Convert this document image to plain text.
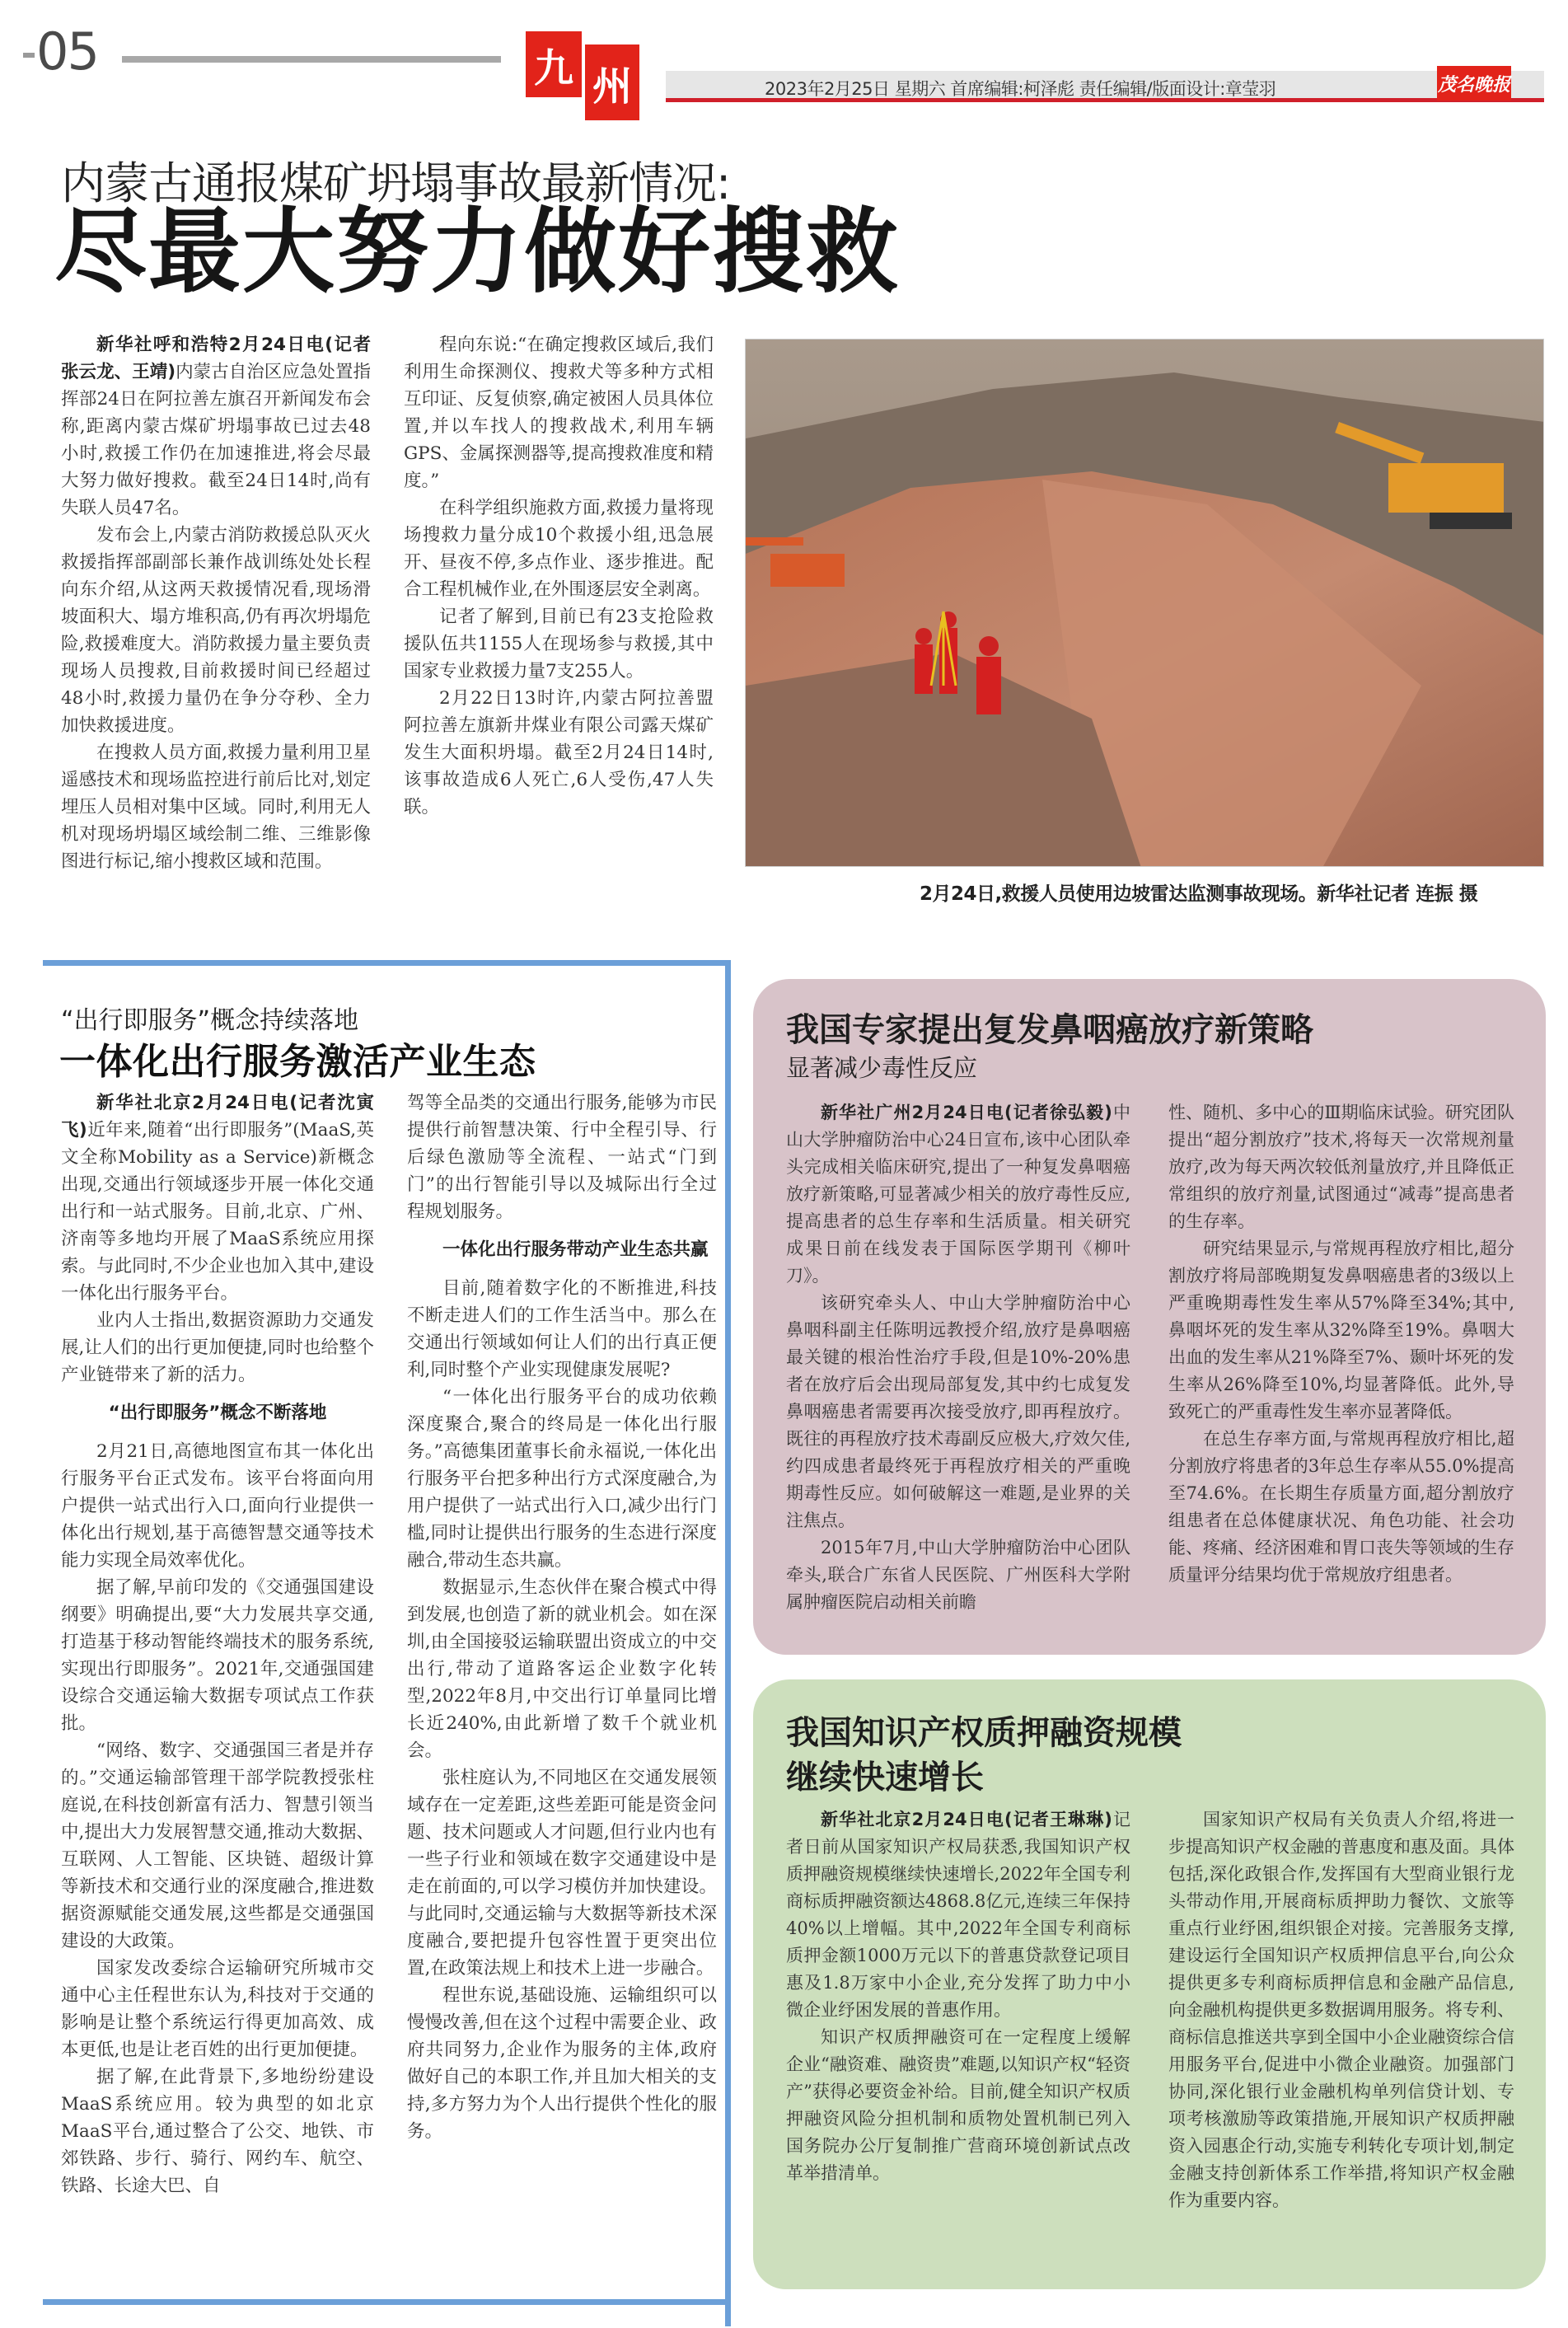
05	九 州	2023年2月25日 星期六 首席编辑:柯泽彪 责任编辑/版面设计:章莹羽	茂名晚报
内蒙古通报煤矿坍塌事故最新情况:
尽最大努力做好搜救

新华社呼和浩特2月24日电(记者张云龙、王靖)内蒙古自治区应急处置指挥部24日在阿拉善左旗召开新闻发布会称,距离内蒙古煤矿坍塌事故已过去48小时,救援工作仍在加速推进,将会尽最大努力做好搜救。截至24日14时,尚有失联人员47名。

发布会上,内蒙古消防救援总队灭火救援指挥部副部长兼作战训练处处长程向东介绍,从这两天救援情况看,现场滑坡面积大、塌方堆积高,仍有再次坍塌危险,救援难度大。消防救援力量主要负责现场人员搜救,目前救援时间已经超过48小时,救援力量仍在争分夺秒、全力加快救援进度。

在搜救人员方面,救援力量利用卫星遥感技术和现场监控进行前后比对,划定埋压人员相对集中区域。同时,利用无人机对现场坍塌区域绘制二维、三维影像图进行标记,缩小搜救区域和范围。

程向东说:“在确定搜救区域后,我们利用生命探测仪、搜救犬等多种方式相互印证、反复侦察,确定被困人员具体位置,并以车找人的搜救战术,利用车辆GPS、金属探测器等,提高搜救准度和精度。”

在科学组织施救方面,救援力量将现场搜救力量分成10个救援小组,迅急展开、昼夜不停,多点作业、逐步推进。配合工程机械作业,在外围逐层安全剥离。

记者了解到,目前已有23支抢险救援队伍共1155人在现场参与救援,其中国家专业救援力量7支255人。

2月22日13时许,内蒙古阿拉善盟阿拉善左旗新井煤业有限公司露天煤矿发生大面积坍塌。截至2月24日14时,该事故造成6人死亡,6人受伤,47人失联。

2月24日,救援人员使用边坡雷达监测事故现场。新华社记者 连振 摄
“出行即服务”概念持续落地
一体化出行服务激活产业生态

新华社北京2月24日电(记者沈寅飞)近年来,随着“出行即服务”(MaaS,英文全称Mobility as a Service)新概念出现,交通出行领域逐步开展一体化交通出行和一站式服务。目前,北京、广州、济南等多地均开展了MaaS系统应用探索。与此同时,不少企业也加入其中,建设一体化出行服务平台。

业内人士指出,数据资源助力交通发展,让人们的出行更加便捷,同时也给整个产业链带来了新的活力。

“出行即服务”概念不断落地

2月21日,高德地图宣布其一体化出行服务平台正式发布。该平台将面向用户提供一站式出行入口,面向行业提供一体化出行规划,基于高德智慧交通等技术能力实现全局效率优化。

据了解,早前印发的《交通强国建设纲要》明确提出,要“大力发展共享交通,打造基于移动智能终端技术的服务系统,实现出行即服务”。2021年,交通强国建设综合交通运输大数据专项试点工作获批。

“网络、数字、交通强国三者是并存的。”交通运输部管理干部学院教授张柱庭说,在科技创新富有活力、智慧引领当中,提出大力发展智慧交通,推动大数据、互联网、人工智能、区块链、超级计算等新技术和交通行业的深度融合,推进数据资源赋能交通发展,这些都是交通强国建设的大政策。

国家发改委综合运输研究所城市交通中心主任程世东认为,科技对于交通的影响是让整个系统运行得更加高效、成本更低,也是让老百姓的出行更加便捷。

据了解,在此背景下,多地纷纷建设MaaS系统应用。较为典型的如北京MaaS平台,通过整合了公交、地铁、市郊铁路、步行、骑行、网约车、航空、铁路、长途大巴、自

驾等全品类的交通出行服务,能够为市民提供行前智慧决策、行中全程引导、行后绿色激励等全流程、一站式“门到门”的出行智能引导以及城际出行全过程规划服务。

一体化出行服务带动产业生态共赢

目前,随着数字化的不断推进,科技不断走进人们的工作生活当中。那么在交通出行领域如何让人们的出行真正便利,同时整个产业实现健康发展呢?

“一体化出行服务平台的成功依赖深度聚合,聚合的终局是一体化出行服务。”高德集团董事长俞永福说,一体化出行服务平台把多种出行方式深度融合,为用户提供了一站式出行入口,减少出行门槛,同时让提供出行服务的生态进行深度融合,带动生态共赢。

数据显示,生态伙伴在聚合模式中得到发展,也创造了新的就业机会。如在深圳,由全国接驳运输联盟出资成立的中交出行,带动了道路客运企业数字化转型,2022年8月,中交出行订单量同比增长近240%,由此新增了数千个就业机会。

张柱庭认为,不同地区在交通发展领域存在一定差距,这些差距可能是资金问题、技术问题或人才问题,但行业内也有一些子行业和领域在数字交通建设中是走在前面的,可以学习模仿并加快建设。与此同时,交通运输与大数据等新技术深度融合,要把提升包容性置于更突出位置,在政策法规上和技术上进一步融合。

程世东说,基础设施、运输组织可以慢慢改善,但在这个过程中需要企业、政府共同努力,企业作为服务的主体,政府做好自己的本职工作,并且加大相关的支持,多方努力为个人出行提供个性化的服务。

我国专家提出复发鼻咽癌放疗新策略
显著减少毒性反应

新华社广州2月24日电(记者徐弘毅)中山大学肿瘤防治中心24日宣布,该中心团队牵头完成相关临床研究,提出了一种复发鼻咽癌放疗新策略,可显著减少相关的放疗毒性反应,提高患者的总生存率和生活质量。相关研究成果日前在线发表于国际医学期刊《柳叶刀》。

该研究牵头人、中山大学肿瘤防治中心鼻咽科副主任陈明远教授介绍,放疗是鼻咽癌最关键的根治性治疗手段,但是10%-20%患者在放疗后会出现局部复发,其中约七成复发鼻咽癌患者需要再次接受放疗,即再程放疗。既往的再程放疗技术毒副反应极大,疗效欠佳,约四成患者最终死于再程放疗相关的严重晚期毒性反应。如何破解这一难题,是业界的关注焦点。

2015年7月,中山大学肿瘤防治中心团队牵头,联合广东省人民医院、广州医科大学附属肿瘤医院启动相关前瞻

性、随机、多中心的Ⅲ期临床试验。研究团队提出“超分割放疗”技术,将每天一次常规剂量放疗,改为每天两次较低剂量放疗,并且降低正常组织的放疗剂量,试图通过“减毒”提高患者的生存率。

研究结果显示,与常规再程放疗相比,超分割放疗将局部晚期复发鼻咽癌患者的3级以上严重晚期毒性发生率从57%降至34%;其中,鼻咽坏死的发生率从32%降至19%。鼻咽大出血的发生率从21%降至7%、颞叶坏死的发生率从26%降至10%,均显著降低。此外,导致死亡的严重毒性发生率亦显著降低。

在总生存率方面,与常规再程放疗相比,超分割放疗将患者的3年总生存率从55.0%提高至74.6%。在长期生存质量方面,超分割放疗组患者在总体健康状况、角色功能、社会功能、疼痛、经济困难和胃口丧失等领域的生存质量评分结果均优于常规放疗组患者。

我国知识产权质押融资规模
继续快速增长

新华社北京2月24日电(记者王琳琳)记者日前从国家知识产权局获悉,我国知识产权质押融资规模继续快速增长,2022年全国专利商标质押融资额达4868.8亿元,连续三年保持40%以上增幅。其中,2022年全国专利商标质押金额1000万元以下的普惠贷款登记项目惠及1.8万家中小企业,充分发挥了助力中小微企业纾困发展的普惠作用。

知识产权质押融资可在一定程度上缓解企业“融资难、融资贵”难题,以知识产权“轻资产”获得必要资金补给。目前,健全知识产权质押融资风险分担机制和质物处置机制已列入国务院办公厅复制推广营商环境创新试点改革举措清单。

国家知识产权局有关负责人介绍,将进一步提高知识产权金融的普惠度和惠及面。具体包括,深化政银合作,发挥国有大型商业银行龙头带动作用,开展商标质押助力餐饮、文旅等重点行业纾困,组织银企对接。完善服务支撑,建设运行全国知识产权质押信息平台,向公众提供更多专利商标质押信息和金融产品信息,向金融机构提供更多数据调用服务。将专利、商标信息推送共享到全国中小企业融资综合信用服务平台,促进中小微企业融资。加强部门协同,深化银行业金融机构单列信贷计划、专项考核激励等政策措施,开展知识产权质押融资入园惠企行动,实施专利转化专项计划,制定金融支持创新体系工作举措,将知识产权金融作为重要内容。
